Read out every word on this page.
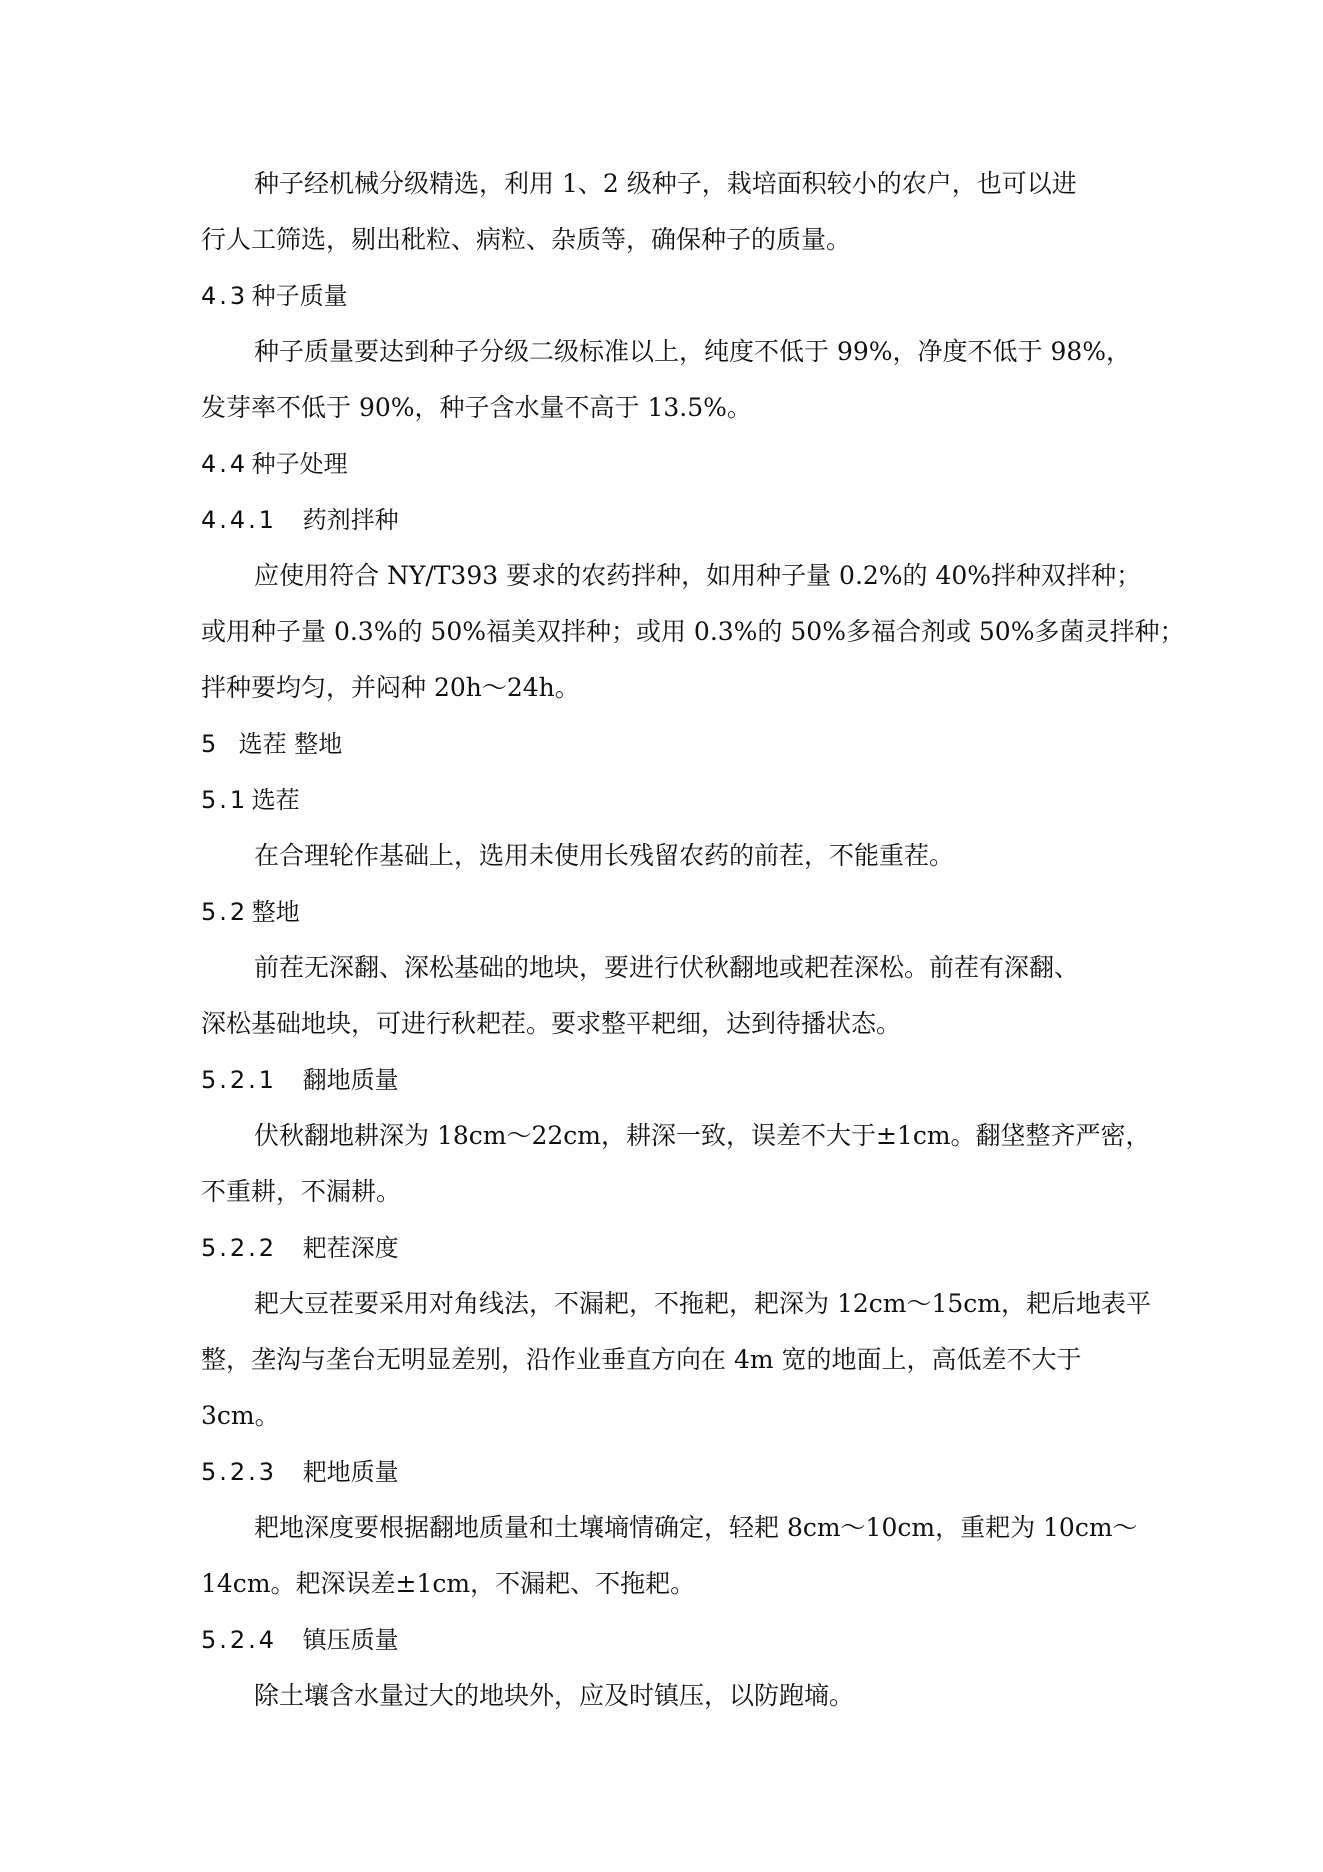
种子经机械分级精选，利用 1、2 级种子，栽培面积较小的农户，也可以进
行人工筛选，剔出秕粒、病粒、杂质等，确保种子的质量。
4.3 种子质量
种子质量要达到种子分级二级标准以上，纯度不低于 99%，净度不低于 98%，
发芽率不低于 90%，种子含水量不高于 13.5%。
4.4 种子处理
4.4.1 药剂拌种
应使用符合 NY/T393 要求的农药拌种，如用种子量 0.2%的 40%拌种双拌种；
或用种子量 0.3%的 50%福美双拌种；或用 0.3%的 50%多福合剂或 50%多菌灵拌种；
拌种要均匀，并闷种 20h～24h。
5 选茬 整地
5.1 选茬
在合理轮作基础上，选用未使用长残留农药的前茬，不能重茬。
5.2 整地
前茬无深翻、深松基础的地块，要进行伏秋翻地或耙茬深松。前茬有深翻、
深松基础地块，可进行秋耙茬。要求整平耙细，达到待播状态。
5.2.1 翻地质量
伏秋翻地耕深为 18cm～22cm，耕深一致，误差不大于±1cm。翻垡整齐严密，
不重耕，不漏耕。
5.2.2 耙茬深度
耙大豆茬要采用对角线法，不漏耙，不拖耙，耙深为 12cm～15cm，耙后地表平
整，垄沟与垄台无明显差别，沿作业垂直方向在 4m 宽的地面上，高低差不大于
3cm。
5.2.3 耙地质量
耙地深度要根据翻地质量和土壤墒情确定，轻耙 8cm～10cm，重耙为 10cm～
14cm。耙深误差±1cm，不漏耙、不拖耙。
5.2.4 镇压质量
除土壤含水量过大的地块外，应及时镇压，以防跑墒。
